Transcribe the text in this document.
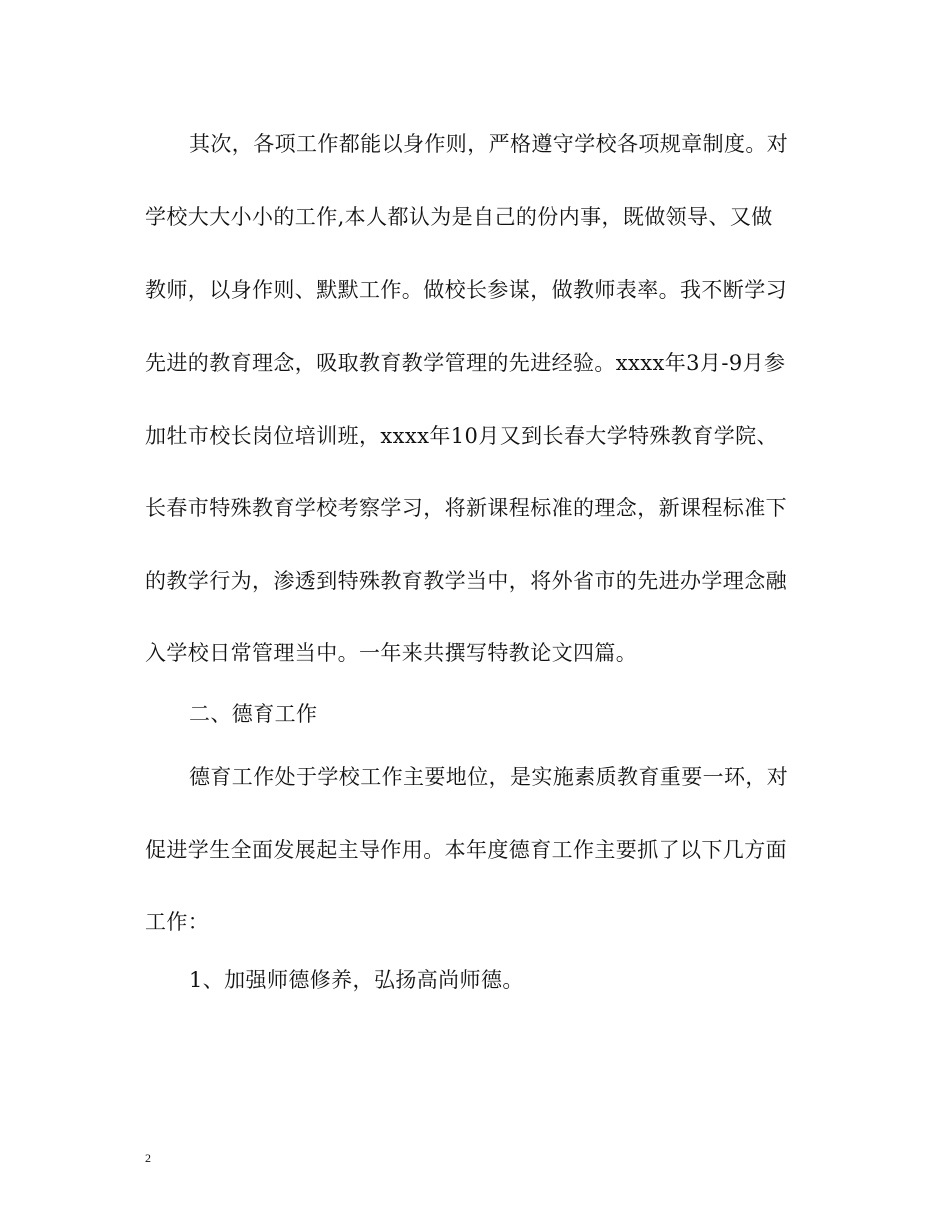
其次，各项工作都能以身作则，严格遵守学校各项规章制度。对
学校大大小小的工作,本人都认为是自己的份内事，既做领导、又做
教师，以身作则、默默工作。做校长参谋，做教师表率。我不断学习
先进的教育理念，吸取教育教学管理的先进经验。xxxx年3月-9月参
加牡市校长岗位培训班，xxxx年10月又到长春大学特殊教育学院、
长春市特殊教育学校考察学习，将新课程标准的理念，新课程标准下
的教学行为，渗透到特殊教育教学当中，将外省市的先进办学理念融
入学校日常管理当中。一年来共撰写特教论文四篇。
二、德育工作
德育工作处于学校工作主要地位，是实施素质教育重要一环，对
促进学生全面发展起主导作用。本年度德育工作主要抓了以下几方面
工作：
1、加强师德修养，弘扬高尚师德。
2
